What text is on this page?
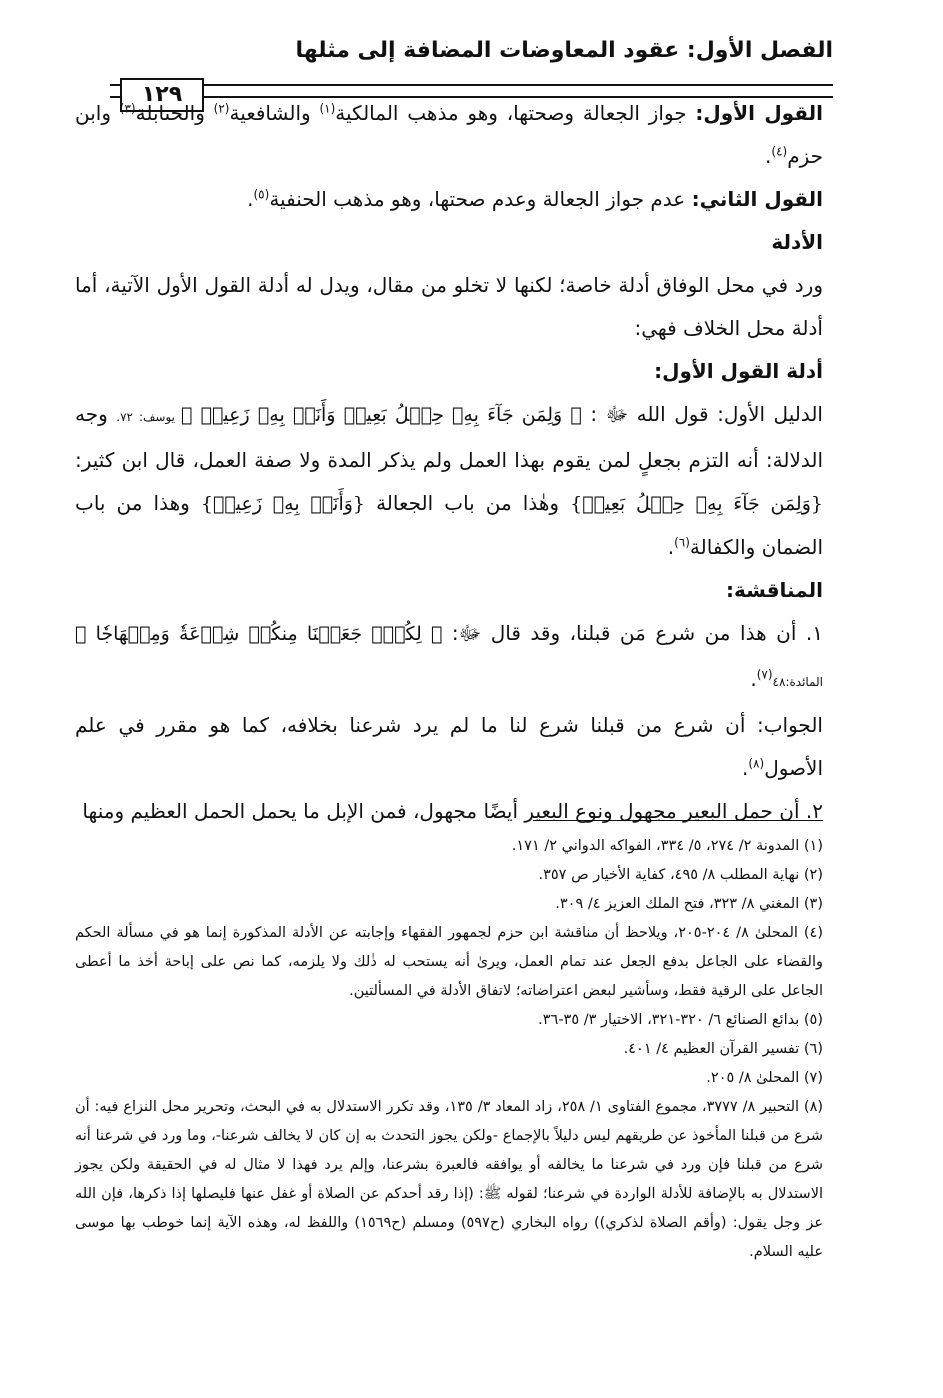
الفصل الأول: عقود المعاوضات المضافة إلى مثلها
١٢٩

القول الأول: جواز الجعالة وصحتها، وهو مذهب المالكية$^{(١)}$ والشافعية$^{(٢)}$ والحنابلة$^{(٣)}$ وابن حزم$^{(٤)}$.

القول الثاني: عدم جواز الجعالة وعدم صحتها، وهو مذهب الحنفية$^{(٥)}$.

الأدلة

ورد في محل الوفاق أدلة خاصة؛ لكنها لا تخلو من مقال، ويدل له أدلة القول الأول الآتية، أما أدلة محل الخلاف فهي:

أدلة القول الأول:

الدليل الأول: قول الله ﷻ : ﴿ وَلِمَن جَآءَ بِهِۦ حِمۡلُ بَعِيرٖ وَأَنَا۠ بِهِۦ زَعِيمٞ ﴾ يوسف: ٧٢. وجه الدلالة: أنه التزم بجعلٍ لمن يقوم بهذا العمل ولم يذكر المدة ولا صفة العمل، قال ابن كثير: {وَلِمَن جَآءَ بِهِۦ حِمۡلُ بَعِيرٖ} وهٰذا من باب الجعالة {وَأَنَا۠ بِهِۦ زَعِيمٞ} وهذا من باب الضمان والكفالة$^{(٦)}$.

المناقشة:

١. أن هذا من شرع مَن قبلنا، وقد قال ﷻ: ﴿ لِكُلّٖ جَعَلۡنَا مِنكُمۡ شِرۡعَةٗ وَمِنۡهَاجٗا ﴾ المائدة:٤٨$^{(٧)}$.

الجواب: أن شرع من قبلنا شرع لنا ما لم يرد شرعنا بخلافه، كما هو مقرر في علم الأصول$^{(٨)}$.

٢. أن حمل البعير مجهول ونوع البعير أيضًا مجهول، فمن الإبل ما يحمل الحمل العظيم ومنها

(١) المدونة ٢/ ٢٧٤، ٥/ ٣٣٤، الفواكه الدواني ٢/ ١٧١.

(٢) نهاية المطلب ٨/ ٤٩٥، كفاية الأخيار ص ٣٥٧.

(٣) المغني ٨/ ٣٢٣، فتح الملك العزيز ٤/ ٣٠٩.

(٤) المحلىٰ ٨/ ٢٠٤-٢٠٥، ويلاحظ أن مناقشة ابن حزم لجمهور الفقهاء وإجابته عن الأدلة المذكورة إنما هو في مسألة الحكم والقضاء على الجاعل بدفع الجعل عند تمام العمل، ويرىٰ أنه يستحب له ذٰلك ولا يلزمه، كما نص على إباحة أخذ ما أعطى الجاعل على الرقية فقط، وسأشير لبعض اعتراضاته؛ لاتفاق الأدلة في المسألتين.

(٥) بدائع الصنائع ٦/ ٣٢٠-٣٢١، الاختيار ٣/ ٣٥-٣٦.

(٦) تفسير القرآن العظيم ٤/ ٤٠١.

(٧) المحلىٰ ٨/ ٢٠٥.

(٨) التحبير ٨/ ٣٧٧٧، مجموع الفتاوى ١/ ٢٥٨، زاد المعاد ٣/ ١٣٥، وقد تكرر الاستدلال به في البحث، وتحرير محل النزاع فيه: أن شرع من قبلنا المأخوذ عن طريقهم ليس دليلاً بالإجماع -ولكن يجوز التحدث به إن كان لا يخالف شرعنا-، وما ورد في شرعنا أنه شرع من قبلنا فإن ورد في شرعنا ما يخالفه أو يوافقه فالعبرة بشرعنا، وإلم يرد فهذا لا مثال له في الحقيقة ولكن يجوز الاستدلال به بالإضافة للأدلة الواردة في شرعنا؛ لقوله ﷺ: (إذا رقد أحدكم عن الصلاة أو غفل عنها فليصلها إذا ذكرها، فإن الله عز وجل يقول: (وأقم الصلاة لذكري)) رواه البخاري (ح٥٩٧) ومسلم (ح١٥٦٩) واللفظ له، وهذه الآية إنما خوطب بها موسى عليه السلام.
